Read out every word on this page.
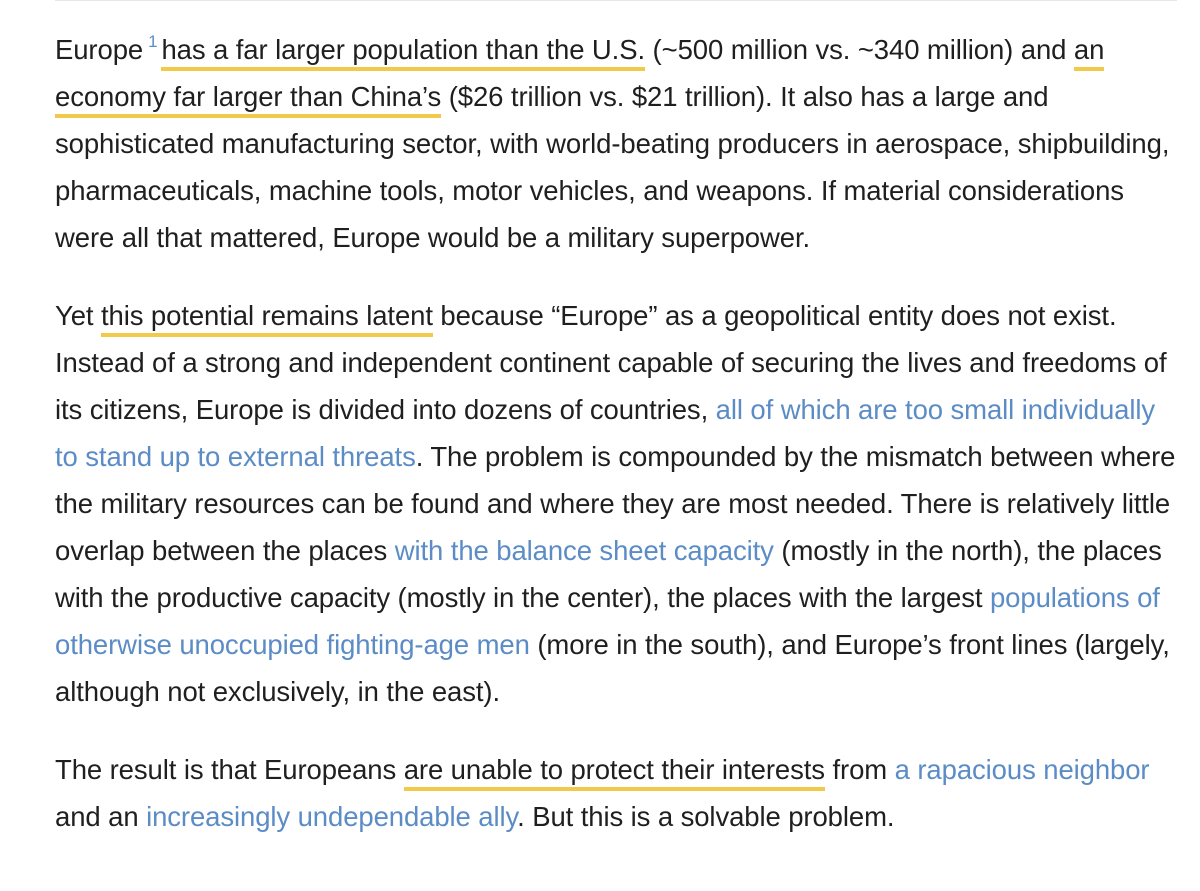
Europe $^1$ has a far larger population than the U.S. (~500 million vs. ~340 million) and an economy far larger than China’s ($26 trillion vs. $21 trillion). It also has a large and sophisticated manufacturing sector, with world-beating producers in aerospace, shipbuilding, pharmaceuticals, machine tools, motor vehicles, and weapons. If material considerations were all that mattered, Europe would be a military superpower.

Yet this potential remains latent because “Europe” as a geopolitical entity does not exist. Instead of a strong and independent continent capable of securing the lives and freedoms of its citizens, Europe is divided into dozens of countries, all of which are too small individually to stand up to external threats. The problem is compounded by the mismatch between where the military resources can be found and where they are most needed. There is relatively little overlap between the places with the balance sheet capacity (mostly in the north), the places with the productive capacity (mostly in the center), the places with the largest populations of otherwise unoccupied fighting-age men (more in the south), and Europe’s front lines (largely, although not exclusively, in the east).

The result is that Europeans are unable to protect their interests from a rapacious neighbor and an increasingly undependable ally. But this is a solvable problem.
